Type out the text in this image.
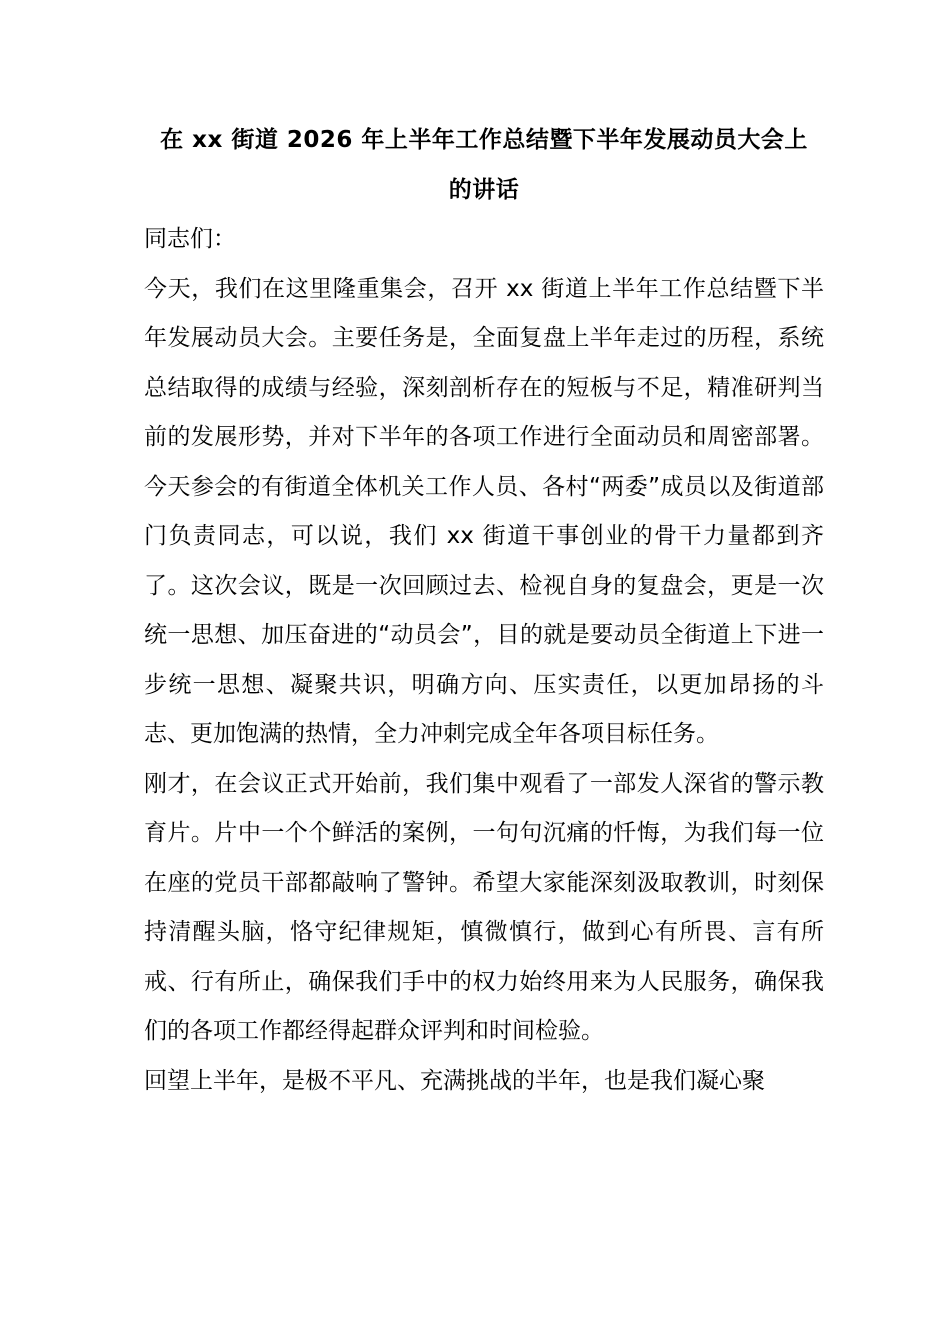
在 xx 街道 2026 年上半年工作总结暨下半年发展动员大会上
的讲话

同志们：

今天，我们在这里隆重集会，召开 xx 街道上半年工作总结暨下半年发展动员大会。主要任务是，全面复盘上半年走过的历程，系统总结取得的成绩与经验，深刻剖析存在的短板与不足，精准研判当前的发展形势，并对下半年的各项工作进行全面动员和周密部署。今天参会的有街道全体机关工作人员、各村“两委”成员以及街道部门负责同志，可以说，我们 xx 街道干事创业的骨干力量都到齐了。这次会议，既是一次回顾过去、检视自身的复盘会，更是一次统一思想、加压奋进的“动员会”，目的就是要动员全街道上下进一步统一思想、凝聚共识，明确方向、压实责任，以更加昂扬的斗志、更加饱满的热情，全力冲刺完成全年各项目标任务。

刚才，在会议正式开始前，我们集中观看了一部发人深省的警示教育片。片中一个个鲜活的案例，一句句沉痛的忏悔，为我们每一位在座的党员干部都敲响了警钟。希望大家能深刻汲取教训，时刻保持清醒头脑，恪守纪律规矩，慎微慎行，做到心有所畏、言有所戒、行有所止，确保我们手中的权力始终用来为人民服务，确保我们的各项工作都经得起群众评判和时间检验。

回望上半年，是极不平凡、充满挑战的半年，也是我们凝心聚
